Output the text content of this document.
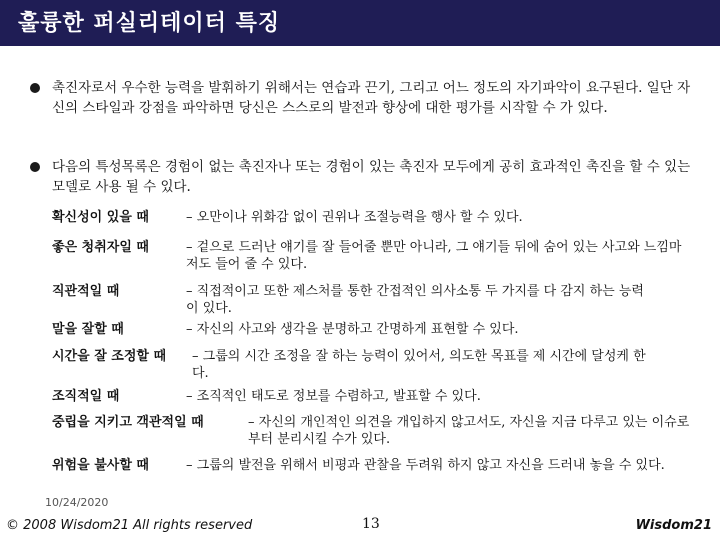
훌륭한 퍼실리테이터 특징
촉진자로서 우수한 능력을 발휘하기 위해서는 연습과 끈기, 그리고 어느 정도의 자기파악이 요구된다. 일단 자신의 스타일과 강점을 파악하면 당신은 스스로의 발전과 향상에 대한 평가를 시작할 수 가 있다.
다음의 특성목록은 경험이 없는 촉진자나 또는 경험이 있는 촉진자 모두에게 공히 효과적인 촉진을 할 수 있는 모델로 사용 될 수 있다.
확신성이 있을 때	– 오만이나 위화감 없이 권위나 조절능력을 행사 할 수 있다.
좋은 청취자일 때	– 겉으로 드러난 얘기를 잘 들어줄 뿐만 아니라, 그 얘기들 뒤에 숨어 있는 사고와 느낌마저도 들어 줄 수 있다.
직관적일 때	– 직접적이고 또한 제스처를 통한 간접적인 의사소통 두 가지를 다 감지 하는 능력이 있다.
말을 잘할 때	– 자신의 사고와 생각을 분명하고 간명하게 표현할 수 있다.
시간을 잘 조정할 때 – 그룹의 시간 조정을 잘 하는 능력이 있어서, 의도한 목표를 제 시간에 달성케 한다.
조직적일 때	– 조직적인 태도로 정보를 수렴하고, 발표할 수 있다.
중립을 지키고 객관적일 때	– 자신의 개인적인 의견을 개입하지 않고서도, 자신을 지금 다루고 있는 이슈로부터 분리시킬 수가 있다.
위험을 불사할 때	– 그룹의 발전을 위해서 비평과 관찰을 두려워 하지 않고 자신을 드러내 놓을 수 있다.
10/24/2020
© 2008 Wisdom21 All rights reserved	13	Wisdom21
